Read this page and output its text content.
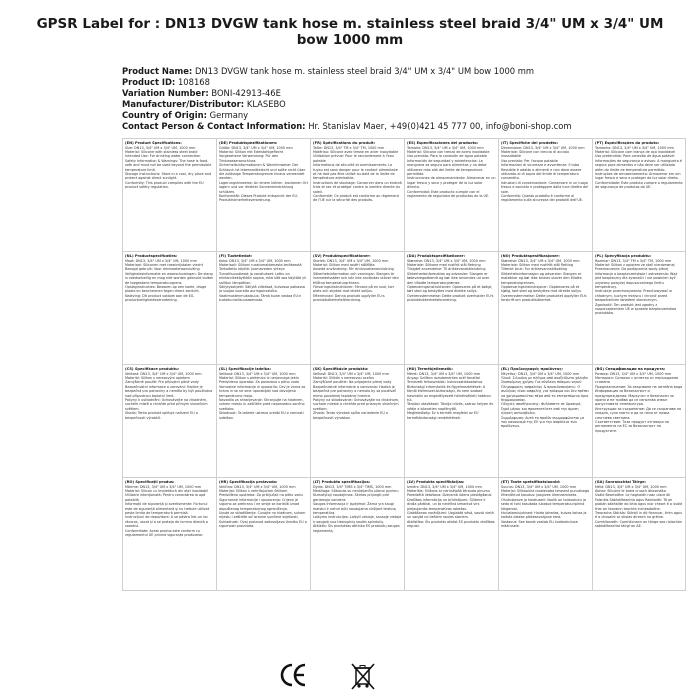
GPSR Label for : DN13 DVGW tank hose m. stainless steel braid 3/4" UM x 3/4" UM bow 1000 mm
Product Name: DN13 DVGW tank hose m. stainless steel braid 3/4" UM x 3/4" UM bow 1000 mm
Product ID: 108168
Variation Number: BONI-42913-46E
Manufacturer/Distributor: KLASEBO
Country of Origin: Germany
Contact Person & Contact Information: Hr. Stanislav Maer, +49(0)421 45 777 00, info@boni-shop.com
(EN) Product Specifications:
Size: DN13, 3/4" UM x 3/4" UM, 1000 mm
Material: Silicone with stainless steel braid
Intended Use: For drinking water connection
Safety Information & Warnings: The hose is food-safe and must not be used beyond the permissible temperature limit.
Storage Instructions: Store in a cool, dry place and protect against direct sunlight.
Conformity: This product complies with the EU product safety regulation.
(DE) Produktspezifikationen:
Größe: DN13, 3/4" UM x 3/4" UM, 1000 mm
Material: Silikon mit Edelstahlgeflecht
Vorgesehene Verwendung: Für den Trinkwasseranschluss
Sicherheitsinformationen & Warnhinweise: Der Schlauch ist lebensmittelecht und sollte nicht über die zulässige Temperaturgrenze hinaus verwendet werden.
Lagerungshinweise: An einem kühlen, trockenen Ort lagern und vor direkter Sonneneinstrahlung schützen.
Konformität: Dieses Produkt entspricht der EU-Produktsicherheitsverordnung.
(FR) Spécifications du produit:
Taille: DN13, 3/4" TM x 3/4" TM, 1000 mm
Matériau: Silicone avec tresse en acier inoxydable
Utilisation prévue: Pour le raccordement à l'eau potable
Informations de sécurité et avertissements: Le tuyau est sans danger pour le contact alimentaire et ne doit pas être utilisé au-delà de la limite de température admissible.
Instructions de stockage: Conserver dans un endroit frais et sec et protéger contre la lumière directe du soleil.
Conformité: Ce produit est conforme au règlement de l'UE sur la sécurité des produits.
(ES) Especificaciones del producto:
Tamaño: DN13, 3/4" UM x 3/4" UM, 1000 mm
Material: Silicona con trenza de acero inoxidable
Uso previsto: Para la conexión de agua potable
Información de seguridad y advertencias: La manguera es segura para alimentos y no debe utilizarse más allá del límite de temperatura permitido.
Instrucciones de almacenamiento: Almacenar en un lugar fresco y seco y proteger de la luz solar directa.
Conformidad: Este producto cumple con el reglamento de seguridad de productos de la UE.
(IT) Specifiche del prodotto:
Dimensione: DN13, 3/4" UM x 3/4" UM, 1000 mm
Materiale: Silicone con treccia di acciaio inossidabile
Uso previsto: Per l'acqua potabile
Informazioni di sicurezza e avvertenze: Il tubo flessibile è adatto a alimenti e non deve essere utilizzato al di sopra del limite di temperatura consentito.
Istruzioni di conservazione: Conservare in un luogo fresco e asciutto e proteggere dalla luce diretta del sole.
Conformità: Questo prodotto è conforme al regolamento sulla sicurezza dei prodotti dell'UE.
(PT) Especificações do produto:
Tamanho: DN13, 3/4" UM x 3/4" UM, 1000 mm
Material: Silicone com trança de aço inoxidável
Uso pretendido: Para conexão de água potável
Informações de segurança e avisos: A mangueira é segura para alimentos e não deve ser utilizada além do limite de temperatura permitido.
Instruções de armazenamento: Armazenar em um lugar fresco e seco e proteger da luz solar direta.
Conformidade: Este produto cumpre o regulamento de segurança de produtos da UE.
(NL) Productspecificaties:
Maat: DN13, 3/4" UM x 3/4" UM, 1000 mm
Materiaal: Siliconen met roestvrijstalen vlecht
Beoogd gebruik: Voor drinkwateraansluiting
Veiligheidsinformatie en waarschuwingen: De slang is voedselveilig en mag niet worden gebruikt buiten de toegestane temperatuurgrens.
Opslaginstructies: Bewaren op een koele, droge plaats en beschermen tegen direct zonlicht.
Naleving: Dit product voldoet aan de EU-productveiligheidsverordening.
(FI) Tuotetiedot:
Koko: DN13, 3/4" UM x 3/4" UM, 1000 mm
Materiaali: Silikoni ruostumattomasta teräksestä
Tarkoitettu käyttö: Juomaveden yhteys
Turvallisuustiedot ja varoitukset: Letku on elintarvikekäyttöön sopiva, eikä sitä saa käyttää yli sallitun lämpötilan.
Säilytysohjeet: Säilytä viileässä, kuivassa paikassa ja suojaa suoralta auringonvalolta.
Vaatimustenmukaisuus: Tämä tuote vastaa EU:n tuoteturvallisuusasetusta.
(SV) Produktspecifikationer:
Storlek: DN13, 3/4" UM x 3/4" UM, 1000 mm
Material: Silikon med rostfri stålfläta
Avsedd användning: För dricksvattenanslutning
Säkerhetsinformation och varningar: Slangen är livsmedelssäker och bör inte användas utöver den tillåtna temperaturgränsen.
Förvaringsinstruktioner: Förvara på en sval, torr plats och skydda mot direkt solljus.
Efterlevnad: Denna produkt uppfyller EU:s produktsäkerhetsförordning.
(DA) Produktspecifikationer:
Størrelse: DN13, 3/4" UM x 3/4" UM, 1000 mm
Materiale: Silikone med rustfrit stål fletning
Tilsigtet anvendelse: Til drikkevandstilslutning
Sikkerhedsinformation og advarsler: Slangen er fødevaregodkendt og bør ikke anvendes ud over den tilladte temperaturgrænse.
Opbevaringsinstruktioner: Opbevares på et køligt, tørt sted og beskyttes mod direkte sollys.
Overensstemmelse: Dette produkt overholder EU's produktsikkerhedsforordning.
(NO) Produktspesifikasjoner:
Størrelse: DN13, 3/4" UM x 3/4" UM, 1000 mm
Materiale: Silikon med rustfritt stål fletting
Tiltenkt bruk: For drikkevannstilkobling
Sikkerhetsinformasjon og advarsler: Slangen er matsikker og bør ikke brukes utover den tillatte temperaturgrensen.
Oppbevaringsinstruksjoner: Oppbevares på et kjølig, tørt sted og beskyttes mot direkte sollys.
Overensstemmelse: Dette produktet oppfyller EUs forskrift om produktsikkerhet.
(PL) Specyfikacja produktu:
Rozmiar: DN13, 3/4" TM x 3/4" TM, 1000 mm
Materiał: Silikon z oplotem ze stali nierdzewnej
Przeznaczenie: Do podłączenia wody pitnej
Informacje o bezpieczeństwie i ostrzeżenia: Wąż jest bezpieczny dla żywności i nie powinien być używany powyżej dopuszczalnego limitu temperatury.
Instrukcje przechowywania: Przechowywać w chłodnym, suchym miejscu i chronić przed bezpośrednim światłem słonecznym.
Zgodność: Ten produkt jest zgodny z rozporządzeniem UE w sprawie bezpieczeństwa produktów.
(CS) Specifikace produktu:
Velikost: DN13, 3/4" UM x 3/4" UM, 1000 mm
Materiál: Silikon s nerezovým opletem
Zamýšlené použití: Pro připojení pitné vody
Bezpečnostní informace a varování: Hadice je bezpečná pro potraviny a neměla by být používána nad přípustnou teplotní limit.
Pokyny k uskladnění: Uchovávejte na chladném, suchém místě a chraňte před přímým slunečním světlem.
Shoda: Tento produkt splňuje nařízení EU o bezpečnosti výrobků.
(SL) Specifikacije izdelka:
Velikost: DN13, 3/4" UM x 3/4" UM, 1000 mm
Material: Silikon s pletenico iz nerjavnega jekla
Predvidena uporaba: Za povezavo s pitno vodo
Varnostne informacije in opozorila: Cev je varna za hrano in se ne sme uporabljati nad dovoljeno temperaturno mejo.
Navodila za shranjevanje: Shranjujte na hladnem, suhem mestu in zaščitite pred neposredno sončno svetlobo.
Skladnost: Ta izdelek ustreza uredbi EU o varnosti izdelkov.
(SK) Špecifikácie produktu:
Veľkosť: DN13, 3/4" UM x 3/4" UM, 1000 mm
Materiál: Silikón s nerezovou oceľou
Zamýšľané použitie: Na pripojenie pitnej vody
Bezpečnostné informácie a varovania: Hadica je bezpečná pre potraviny a nemala by sa používať mimo povolenej teplotnej hranice.
Pokyny na skladovanie: Uchovávajte na chladnom, suchom mieste a chráňte pred priamym slnečným svetlom.
Zhoda: Tento výrobok spĺňa nariadenie EÚ o bezpečnosti výrobkov.
(HU) Termékjellemzők:
Méret: DN13, 3/4" UM x 3/4" UM, 1000 mm
Anyag: Szilikon rozsdamentes acél fonattal
Tervezett felhasználás: Ivóvízcsatlakozáshoz
Biztonsági információk és figyelmeztetések: A tömlő élelmiszer-biztonságú, és nem szabad használni az engedélyezett hőmérsékleti határon túl.
Tárolási utasítások: Tárolja hűvös, száraz helyen és védje a közvetlen napfénytől.
Megfelelőség: Ez a termék megfelel az EU termékbiztonsági rendeletének.
(EL) Προδιαγραφές προϊόντος:
Μέγεθος: DN13, 3/4" UM x 3/4" UM, 1000 mm
Υλικό: Σιλικόνη με πλέγμα από ανοξείδωτο χάλυβα
Σκοπούμενη χρήση: Για σύνδεση πόσιμου νερού
Πληροφορίες ασφαλείας & προειδοποιήσεις: Ο σωλήνας είναι ασφαλής για τρόφιμα και δεν πρέπει να χρησιμοποιείται πέρα από το επιτρεπόμενο όριο θερμοκρασίας.
Οδηγίες αποθήκευσης: Φυλάσσετε σε δροσερό, ξηρό μέρος και προστατεύετε από την άμεση ηλιακή ακτινοβολία.
Συμμόρφωση: Αυτό το προϊόν συμμορφώνεται με τον κανονισμό της ΕΕ για την ασφάλεια των προϊόντων.
(BG) Спецификации на продукта:
Размер: DN13, 3/4" UM x 3/4" UM, 1000 mm
Материал: Силикон с оплетка от неръждаема стомана
Предназначение: За свързване на питейна вода
Информация за безопасност и предупреждения: Маркучът е безопасен за храни и не трябва да се използва извън допустимата температура.
Инструкции за съхранение: Да се съхранява на хладно, сухо място и да се пази от пряка слънчева светлина.
Съответствие: Този продукт отговаря на регламента на ЕС за безопасност на продуктите.
(RO) Specificații produs:
Mărime: DN13, 3/4" UM x 3/4" UM, 1000 mm
Material: Silicon cu împletitură din oțel inoxidabil
Utilizare intenționată: Pentru conectarea la apă potabilă
Informații de siguranță și avertismente: Furtunul este de siguranță alimentară și nu trebuie utilizat peste limita de temperatură permisă.
Instrucțiuni de depozitare: A se păstra într-un loc răcoros, uscat și a se proteja de lumina directă a soarelui.
Conformitate: Acest produs este conform cu regulamentul UE privind siguranța produselor.
(HR) Specifikacija proizvoda:
Veličina: DN13, 3/4" UM x 3/4" UM, 1000 mm
Materijal: Silikon s nehrđajućom čelikom
Predviđena upotreba: Za priključak na pitku vodu
Sigurnosne informacije i upozorenja: Crijevo je sigurno za prehranu i ne smije se koristiti iznad dopuštenog temperaturnog ograničenja.
Upute za skladištenje: Čuvajte na hladnom, suhom mjestu i zaštitite od izravne sunčeve svjetlosti.
Sukladnost: Ovaj proizvod zadovoljava Uredbu EU o sigurnosti proizvoda.
(LT) Produkto specifikacijos:
Dydis: DN13, 3/4" TIMS x 3/4" TIMS, 1000 mm
Medžiaga: Silikonas su nerūdijančio plieno pynimu
Numatytoji naudojimas: Skirtas prijungti prie geriamojo vandens
Saugos informacija ir įspėjimai: Žarna yra saugi maistui ir neturi būti naudojama viršijant leistiną temperatūrą.
Laikymo instrukcijos: Laikyti vėsioje, sausoje vietoje ir saugoti nuo tiesioginių saulės spindulių.
Atitiktis: Šis produktas atitinka ES produktų saugos reglamentą.
(LV) Produkta specifikācijas:
Izmērs: DN13, 3/4" UM x 3/4" UM, 1000 mm
Materiāls: Silikons ar nerūsējošā tērauda pinumu
Paredzētā lietošana: Dzeramā ūdens pieslēgšanai
Drošības informācija un brīdinājumi: Šļūtene ir droša pārtikai, un to nedrīkst izmantot virs pieļaujamās temperatūras robežas.
Glabāšanas norādījumi: Uzglabāt vēsā, sausā vietā un sargāt no tiešiem saules stariem.
Atbilstība: Šis produkts atbilst ES produktu drošības regulai.
(ET) Toote spetsifikatsioonid:
Suurus: DN13, 3/4" UM x 3/4" UM, 1000 mm
Materjal: Silikoonist roostevaba terasest punutisega
Ettenähtud kasutus: Joogivee ühendamiseks
Ohutusteave ja hoiatused: Voolik on toiduohutu ja seda ei tohi kasutada lubatud temperatuuripiirist kõrgemal.
Hoiustamisjuhised: Hoida jahedas, kuivas kohas ja kaitsta otsese päikesevalguse eest.
Vastavus: See toode vastab ELi tooteohutuse määrusele.
(GA) Sonraíochtaí Táirge:
Méid: DN13, 3/4" UM x 3/4" UM, 1000 mm
Ábhar: Silicone le braid cruach dhosmálta
Úsáid Beartaithe: Le haghaidh nasc uisce óil
Faisnéis Sábháilteachta agus Rabhaidh: Tá an píobán sábháilte do bhia agus níor cheart é a úsáid thar an teorainn teochta incheadaithe.
Treoracha Stórála: Stóráil in áit fionnuar, tirim agus é a chosaint ar sholas díreach na gréine.
Comhlíonadh: Comhlíonann an táirge seo rialachán sábháilteachta táirgí an AE.
